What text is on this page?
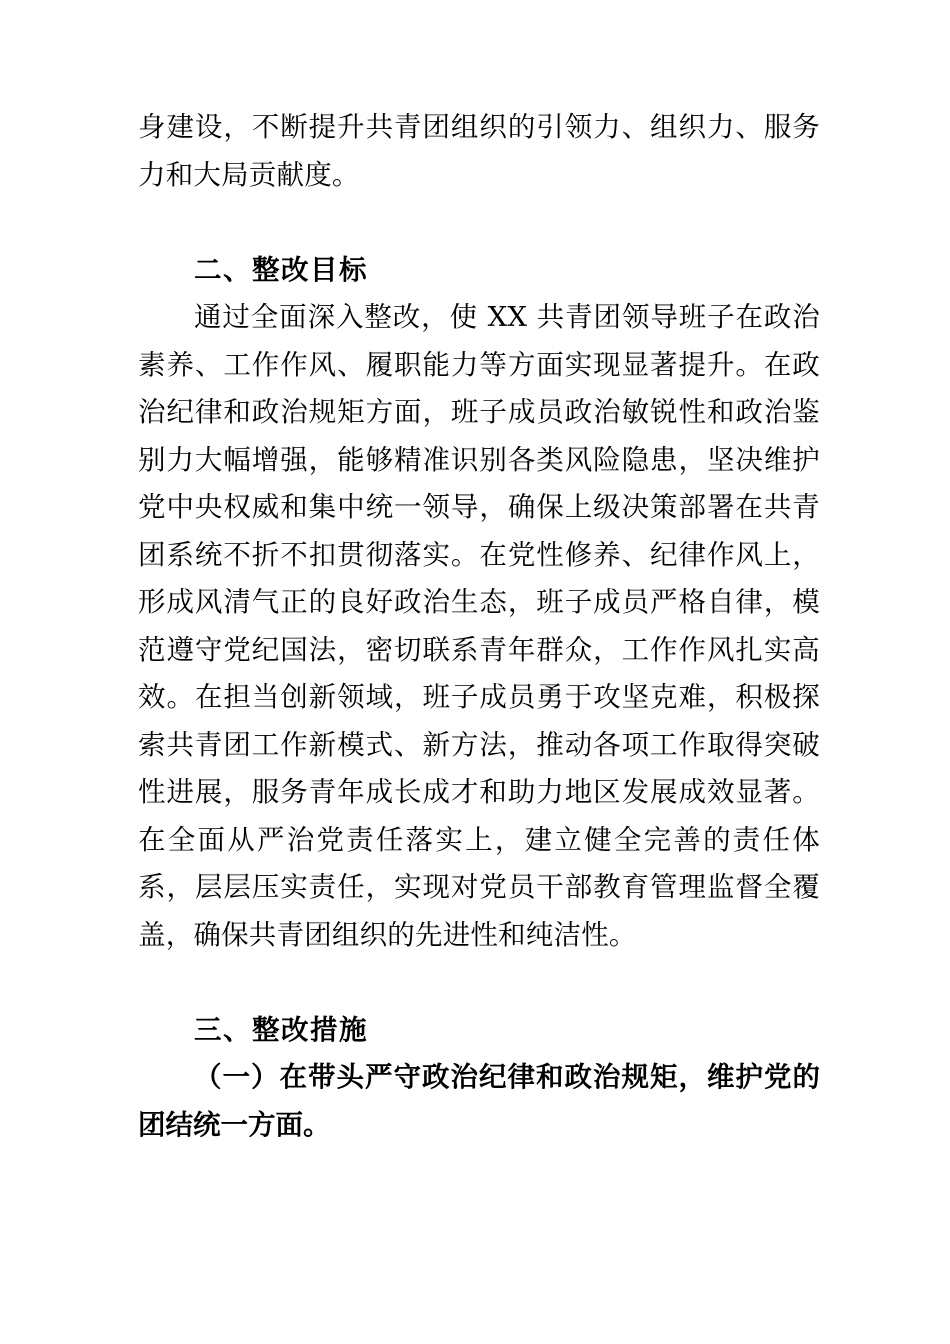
身建设，不断提升共青团组织的引领力、组织力、服务力和大局贡献度。

二、整改目标

通过全面深入整改，使 XX 共青团领导班子在政治素养、工作作风、履职能力等方面实现显著提升。在政治纪律和政治规矩方面，班子成员政治敏锐性和政治鉴别力大幅增强，能够精准识别各类风险隐患，坚决维护党中央权威和集中统一领导，确保上级决策部署在共青团系统不折不扣贯彻落实。在党性修养、纪律作风上，形成风清气正的良好政治生态，班子成员严格自律，模范遵守党纪国法，密切联系青年群众，工作作风扎实高效。在担当创新领域，班子成员勇于攻坚克难，积极探索共青团工作新模式、新方法，推动各项工作取得突破性进展，服务青年成长成才和助力地区发展成效显著。在全面从严治党责任落实上，建立健全完善的责任体系，层层压实责任，实现对党员干部教育管理监督全覆盖，确保共青团组织的先进性和纯洁性。

三、整改措施

（一）在带头严守政治纪律和政治规矩，维护党的团结统一方面。
